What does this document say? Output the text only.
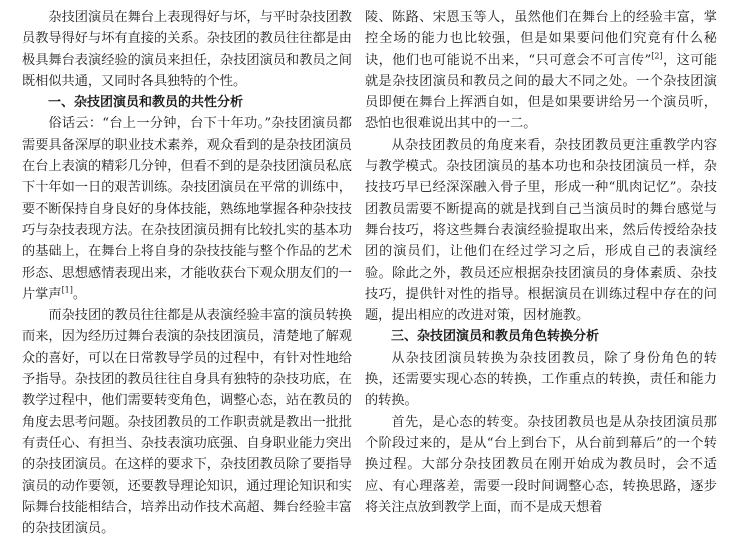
杂技团演员在舞台上表现得好与坏，与平时杂技团教员教导得好与坏有直接的关系。杂技团的教员往往都是由极具舞台表演经验的演员来担任，杂技团演员和教员之间既相似共通，又同时各具独特的个性。

一、杂技团演员和教员的共性分析

俗话云：“台上一分钟，台下十年功。”杂技团演员都需要具备深厚的职业技术素养，观众看到的是杂技团演员在台上表演的精彩几分钟，但看不到的是杂技团演员私底下十年如一日的艰苦训练。杂技团演员在平常的训练中，要不断保持自身良好的身体技能，熟练地掌握各种杂技技巧与杂技表现方法。在杂技团演员拥有比较扎实的基本功的基础上，在舞台上将自身的杂技技能与整个作品的艺术形态、思想感情表现出来，才能收获台下观众朋友们的一片掌声[1]。

而杂技团的教员往往都是从表演经验丰富的演员转换而来，因为经历过舞台表演的杂技团演员，清楚地了解观众的喜好，可以在日常教导学员的过程中，有针对性地给予指导。杂技团的教员往往自身具有独特的杂技功底，在教学过程中，他们需要转变角色，调整心态，站在教员的角度去思考问题。杂技团教员的工作职责就是教出一批批有责任心、有担当、杂技表演功底强、自身职业能力突出的杂技团演员。在这样的要求下，杂技团教员除了要指导演员的动作要领，还要教导理论知识，通过理论知识和实际舞台技能相结合，培养出动作技术高超、舞台经验丰富的杂技团演员。

陵、陈路、宋恩玉等人，虽然他们在舞台上的经验丰富，掌控全场的能力也比较强，但是如果要问他们究竟有什么秘诀，他们也可能说不出来，“只可意会不可言传”[2]，这可能就是杂技团演员和教员之间的最大不同之处。一个杂技团演员即便在舞台上挥洒自如，但是如果要讲给另一个演员听，恐怕也很难说出其中的一二。

从杂技团教员的角度来看，杂技团教员更注重教学内容与教学模式。杂技团演员的基本功也和杂技团演员一样，杂技技巧早已经深深融入骨子里，形成一种“肌肉记忆”。杂技团教员需要不断提高的就是找到自己当演员时的舞台感觉与舞台技巧，将这些舞台表演经验提取出来，然后传授给杂技团的演员们，让他们在经过学习之后，形成自己的表演经验。除此之外，教员还应根据杂技团演员的身体素质、杂技技巧，提供针对性的指导。根据演员在训练过程中存在的问题，提出相应的改进对策，因材施教。

三、杂技团演员和教员角色转换分析

从杂技团演员转换为杂技团教员，除了身份角色的转换，还需要实现心态的转换，工作重点的转换，责任和能力的转换。

首先，是心态的转变。杂技团教员也是从杂技团演员那个阶段过来的，是从“台上到台下，从台前到幕后”的一个转换过程。大部分杂技团教员在刚开始成为教员时，会不适应、有心理落差，需要一段时间调整心态，转换思路，逐步将关注点放到教学上面，而不是成天想着
